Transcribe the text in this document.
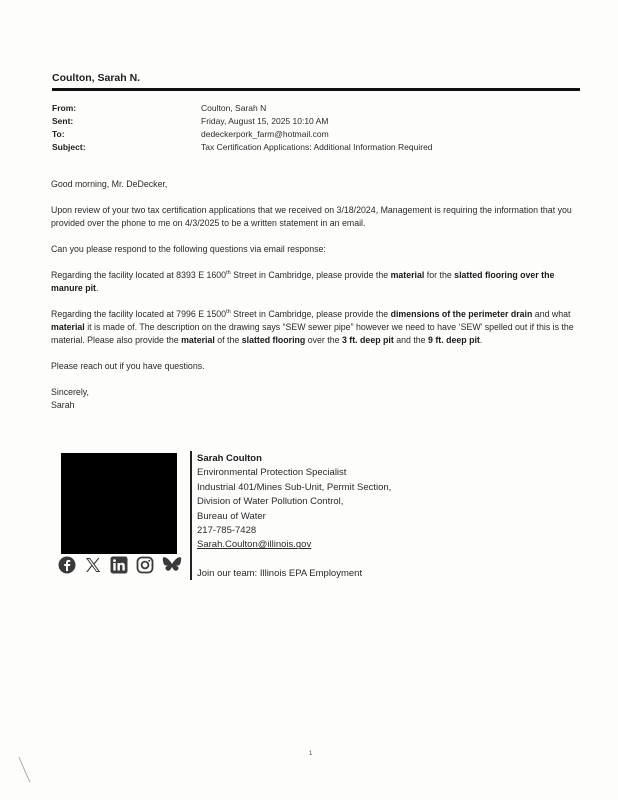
Coulton, Sarah N.
From:	Coulton, Sarah N
Sent:	Friday, August 15, 2025 10:10 AM
To:	dedeckerpork_farm@hotmail.com
Subject:	Tax Certification Applications: Additional Information Required

Good morning, Mr. DeDecker,

Upon review of your two tax certification applications that we received on 3/18/2024, Management is requiring the information that you provided over the phone to me on 4/3/2025 to be a written statement in an email.

Can you please respond to the following questions via email response:

Regarding the facility located at 8393 E 1600th Street in Cambridge, please provide the material for the slatted flooring over the manure pit.

Regarding the facility located at 7996 E 1500th Street in Cambridge, please provide the dimensions of the perimeter drain and what material it is made of. The description on the drawing says “SEW sewer pipe” however we need to have ‘SEW’ spelled out if this is the material. Please also provide the material of the slatted flooring over the 3 ft. deep pit and the 9 ft. deep pit.

Please reach out if you have questions.

Sincerely,
Sarah
Sarah Coulton
Environmental Protection Specialist
Industrial 401/Mines Sub-Unit, Permit Section,
Division of Water Pollution Control,
Bureau of Water
217-785-7428
Sarah.Coulton@illinois.gov
Join our team: Illinois EPA Employment
1
